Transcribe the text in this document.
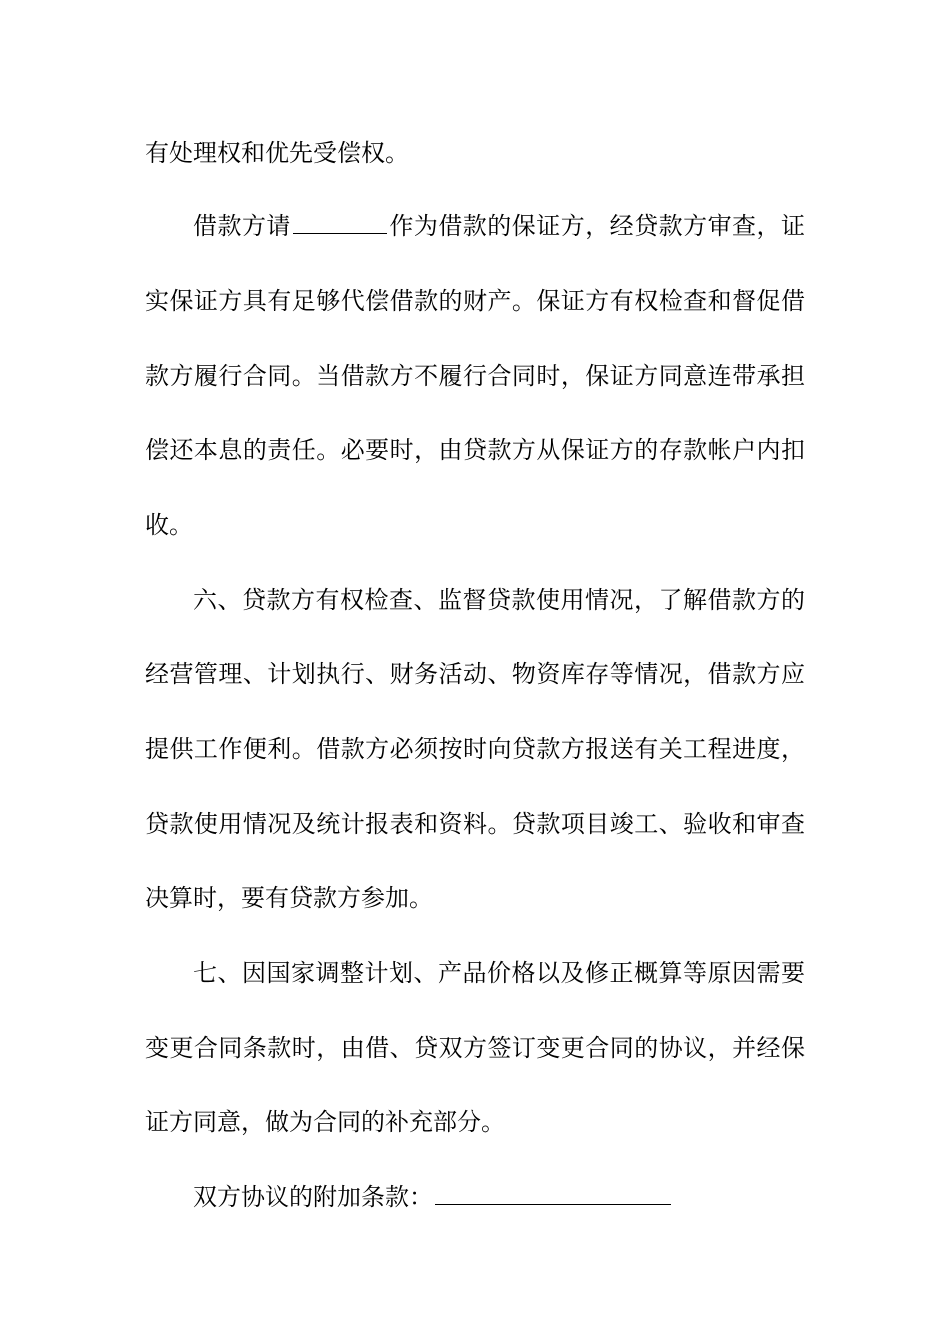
有处理权和优先受偿权。
借款方请	作为借款的保证方，经贷款方审查，证
实保证方具有足够代偿借款的财产。保证方有权检查和督促借
款方履行合同。当借款方不履行合同时，保证方同意连带承担
偿还本息的责任。必要时，由贷款方从保证方的存款帐户内扣
收。
六、贷款方有权检查、监督贷款使用情况，了解借款方的
经营管理、计划执行、财务活动、物资库存等情况，借款方应
提供工作便利。借款方必须按时向贷款方报送有关工程进度，
贷款使用情况及统计报表和资料。贷款项目竣工、验收和审查
决算时，要有贷款方参加。
七、因国家调整计划、产品价格以及修正概算等原因需要
变更合同条款时，由借、贷双方签订变更合同的协议，并经保
证方同意，做为合同的补充部分。
双方协议的附加条款：
